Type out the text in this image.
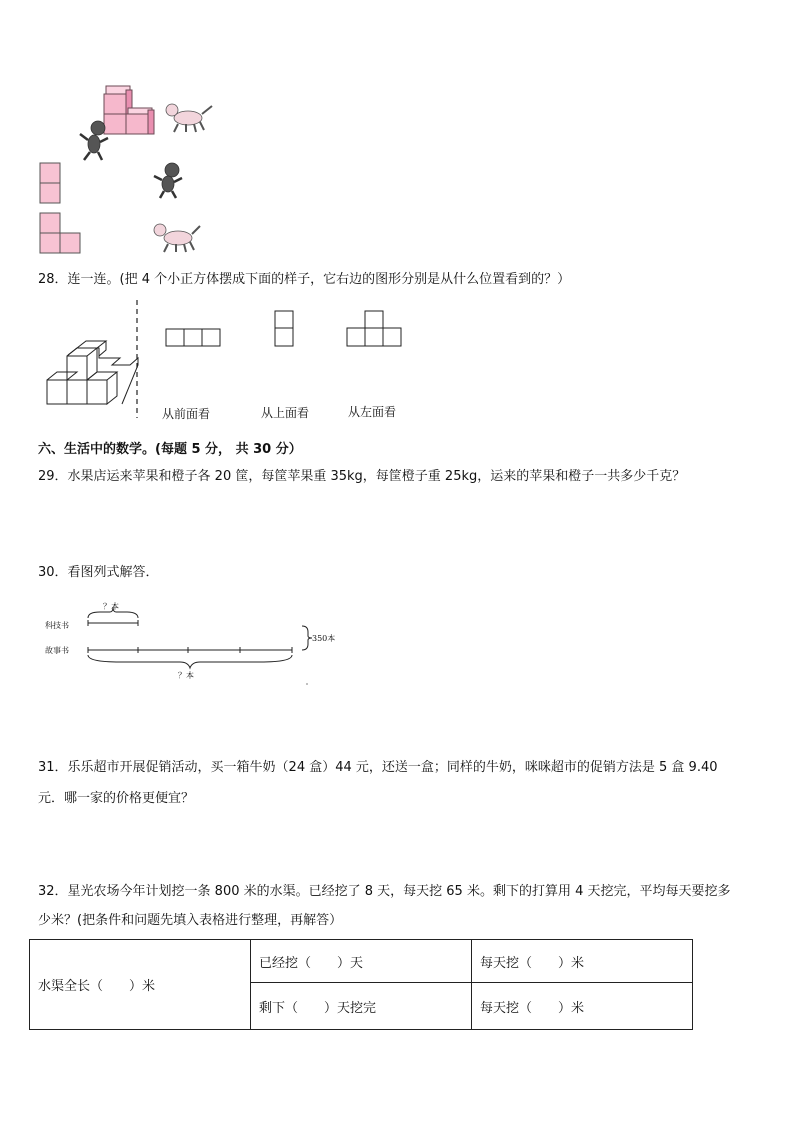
28．连一连。(把 4 个小正方体摆成下面的样子，它右边的图形分别是从什么位置看到的？）
从前面看	从上面看	从左面看
六、生活中的数学。(每题 5 分， 共 30 分）
29．水果店运来苹果和橙子各 20 筐，每筐苹果重 35kg，每筐橙子重 25kg，运来的苹果和橙子一共多少千克？
30．看图列式解答．
？本
科技书
故事书
350本
？本
31．乐乐超市开展促销活动，买一箱牛奶（24 盒）44 元，还送一盒；同样的牛奶，咪咪超市的促销方法是 5 盒 9.40
元．哪一家的价格更便宜？
32．星光农场今年计划挖一条 800 米的水渠。已经挖了 8 天，每天挖 65 米。剩下的打算用 4 天挖完，平均每天要挖多
少米？(把条件和问题先填入表格进行整理，再解答）
水渠全长（　　）米	已经挖（　　）天	每天挖（　　）米
	剩下（　　）天挖完	每天挖（　　）米
